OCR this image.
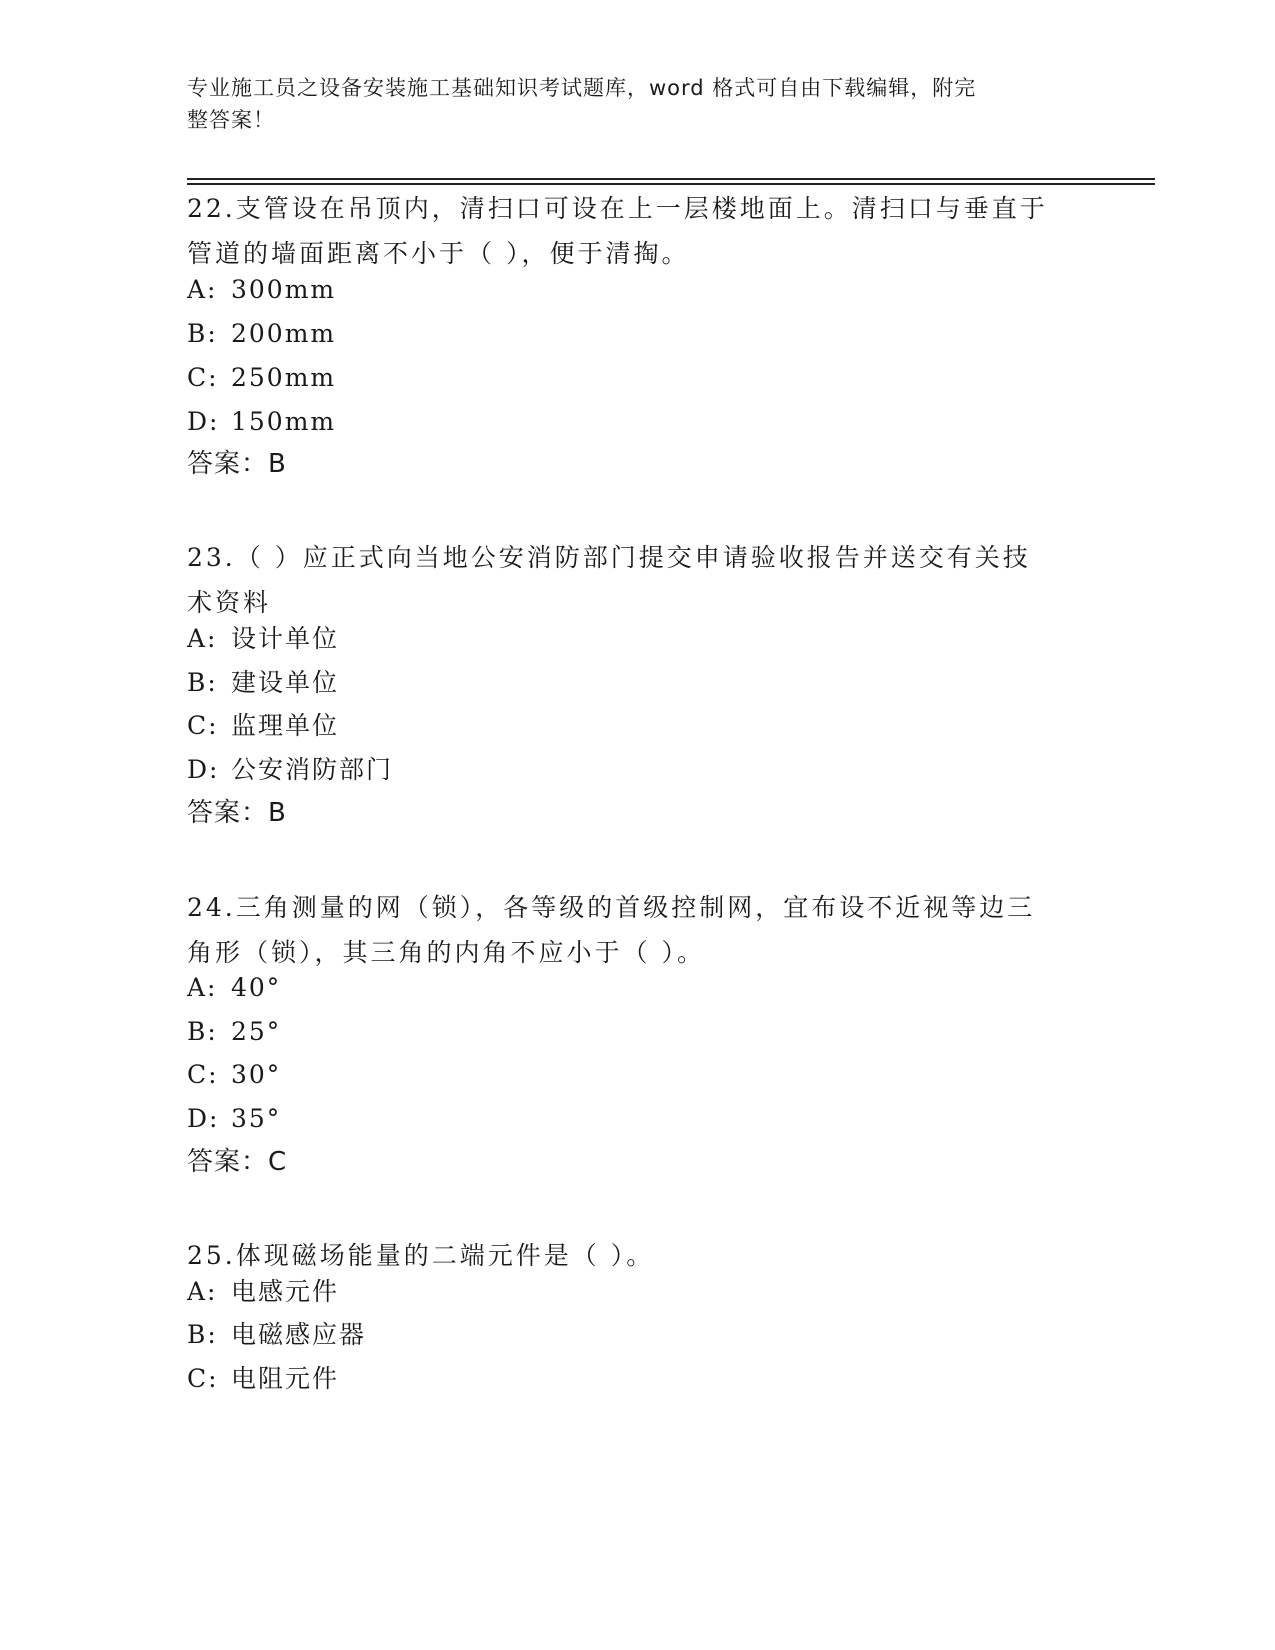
专业施工员之设备安装施工基础知识考试题库，word 格式可自由下载编辑，附完
整答案！
22.支管设在吊顶内，清扫口可设在上一层楼地面上。清扫口与垂直于
管道的墙面距离不小于（ ），便于清掏。
A: 300mm
B: 200mm
C: 250mm
D: 150mm
答案：B
23.（ ）应正式向当地公安消防部门提交申请验收报告并送交有关技
术资料
A: 设计单位
B: 建设单位
C: 监理单位
D: 公安消防部门
答案：B
24.三角测量的网（锁），各等级的首级控制网，宜布设不近视等边三
角形（锁），其三角的内角不应小于（ ）。
A: 40°
B: 25°
C: 30°
D: 35°
答案：C
25.体现磁场能量的二端元件是（ ）。
A: 电感元件
B: 电磁感应器
C: 电阻元件
